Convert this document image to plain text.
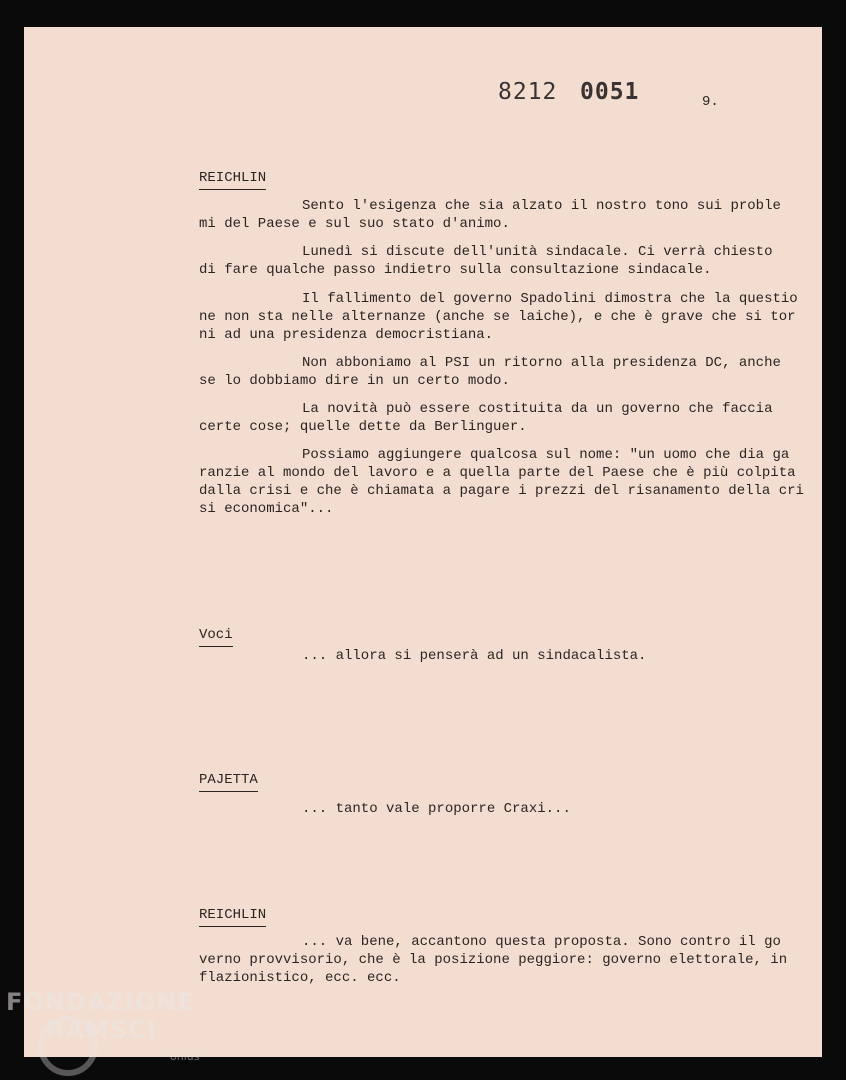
8212 0051	9.
REICHLIN
Sento l'esigenza che sia alzato il nostro tono sui proble
mi del Paese e sul suo stato d'animo.
Lunedì si discute dell'unità sindacale. Ci verrà chiesto
di fare qualche passo indietro sulla consultazione sindacale.
Il fallimento del governo Spadolini dimostra che la questio
ne non sta nelle alternanze (anche se laiche), e che è grave che si tor
ni ad una presidenza democristiana.
Non abboniamo al PSI un ritorno alla presidenza DC, anche
se lo dobbiamo dire in un certo modo.
La novità può essere costituita da un governo che faccia
certe cose; quelle dette da Berlinguer.
Possiamo aggiungere qualcosa sul nome: "un uomo che dia ga
ranzie al mondo del lavoro e a quella parte del Paese che è più colpita
dalla crisi e che è chiamata a pagare i prezzi del risanamento della cri
si economica"...
Voci
... allora si penserà ad un sindacalista.
PAJETTA
... tanto vale proporre Craxi...
REICHLIN
... va bene, accantono questa proposta. Sono contro il go
verno provvisorio, che è la posizione peggiore: governo elettorale, in
flazionistico, ecc. ecc.
FONDAZIONE
RAMSCI
onlus
